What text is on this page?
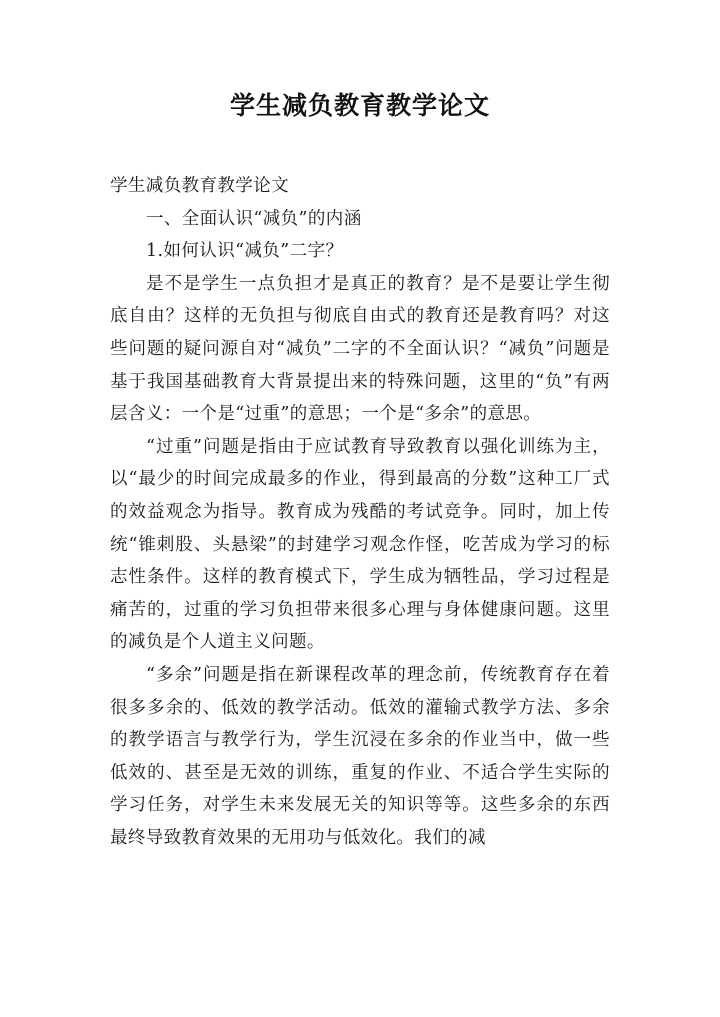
学生减负教育教学论文

学生减负教育教学论文

一、全面认识“减负”的内涵

1.如何认识“减负”二字？

是不是学生一点负担才是真正的教育？是不是要让学生彻底自由？这样的无负担与彻底自由式的教育还是教育吗？对这些问题的疑问源自对“减负”二字的不全面认识？“减负”问题是基于我国基础教育大背景提出来的特殊问题，这里的“负”有两层含义：一个是“过重”的意思；一个是“多余”的意思。

“过重”问题是指由于应试教育导致教育以强化训练为主，以“最少的时间完成最多的作业，得到最高的分数”这种工厂式的效益观念为指导。教育成为残酷的考试竞争。同时，加上传统“锥刺股、头悬梁”的封建学习观念作怪，吃苦成为学习的标志性条件。这样的教育模式下，学生成为牺牲品，学习过程是痛苦的，过重的学习负担带来很多心理与身体健康问题。这里的减负是个人道主义问题。

“多余”问题是指在新课程改革的理念前，传统教育存在着很多多余的、低效的教学活动。低效的灌输式教学方法、多余的教学语言与教学行为，学生沉浸在多余的作业当中，做一些低效的、甚至是无效的训练，重复的作业、不适合学生实际的学习任务，对学生未来发展无关的知识等等。这些多余的东西最终导致教育效果的无用功与低效化。我们的减
